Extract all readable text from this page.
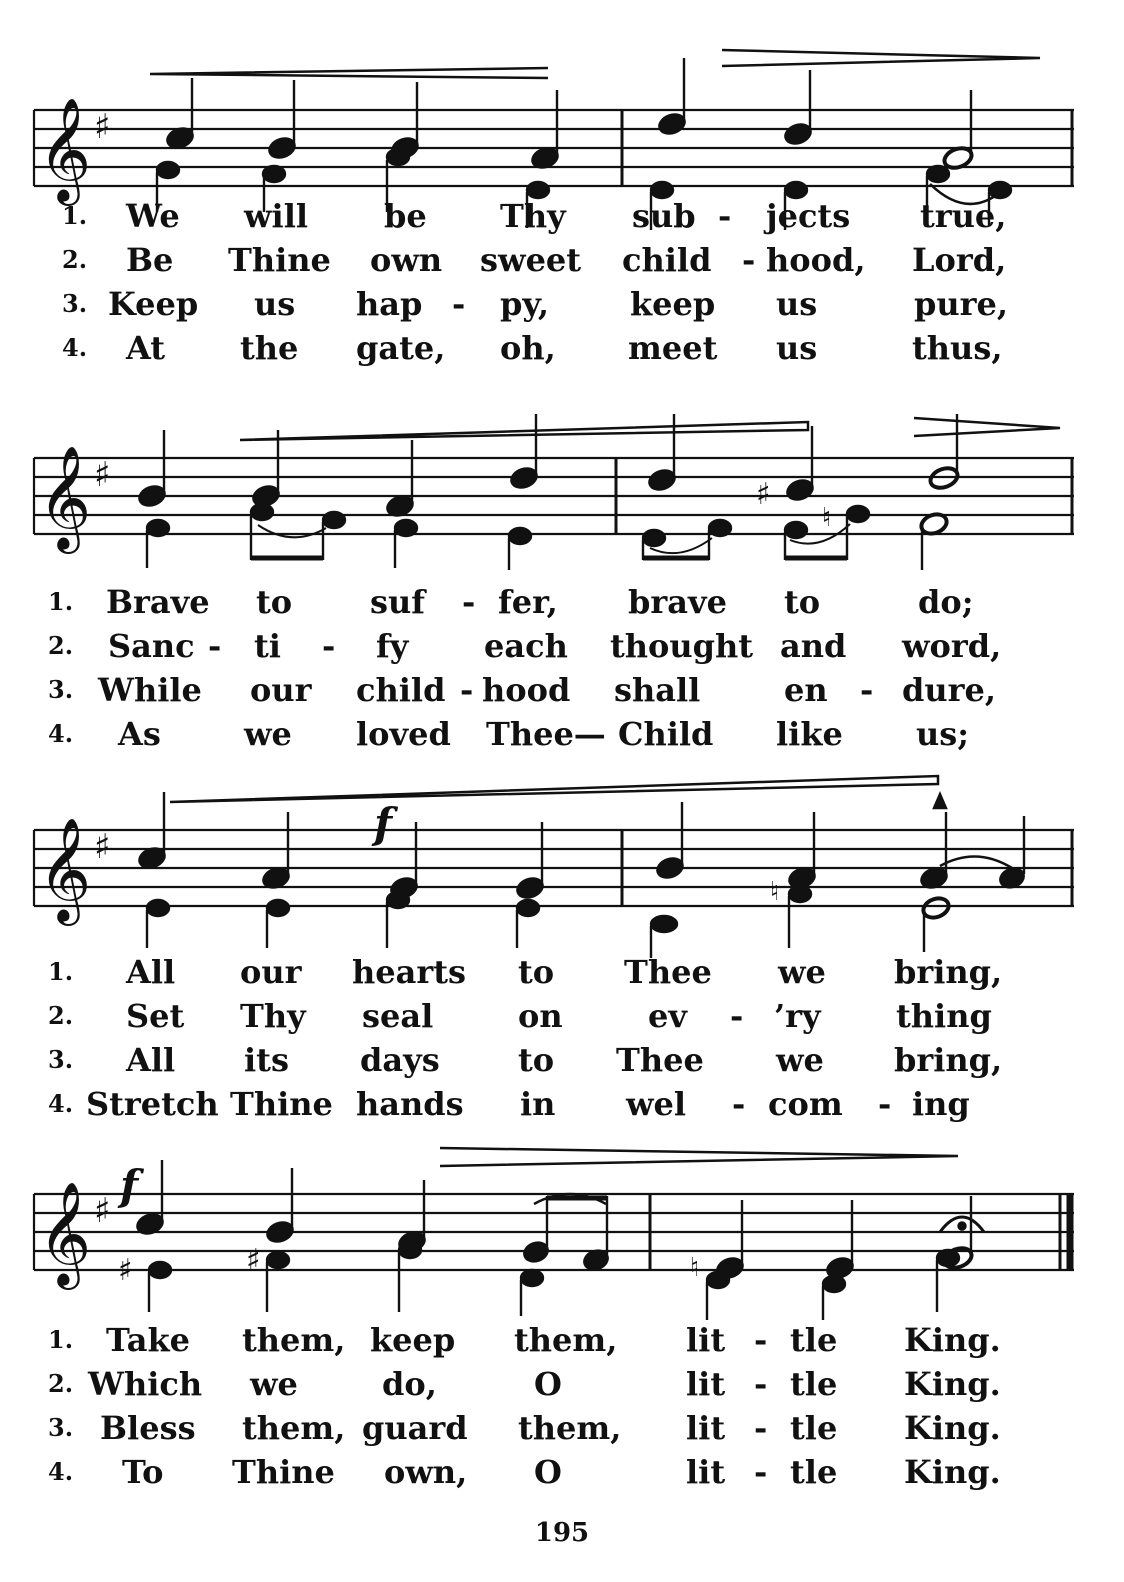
𝄞 ♯
1.
2.
3.
4.
We will be Thy sub - jects true,
Be Thine own sweet child - hood, Lord,
Keep us hap - py,	keep us	pure,
At the gate, oh, meet us	thus,
𝄞 ♯	♯
♮
1.
2.
3.
4.
Brave to suf - fer, brave to	do;
Sanc - ti - fy each thought and word,
While our child - hood shall	en - dure,
As	we loved Thee— Child like us;
𝄞 ♯	f
♮
1.
2.
3.
4.
All our hearts to Thee we bring,
Set Thy seal	on	ev - ’ry thing
All its days to Thee we bring,
Stretch Thine hands in wel - com - ing
𝄞 ♯
f
♯	♯	♮
1.
2.
3.
4.
Take them, keep them, lit - tle King.
Which we	do,	O	lit - tle King.
Bless them, guard them, lit - tle King.
To Thine own, O	lit - tle King.
195
